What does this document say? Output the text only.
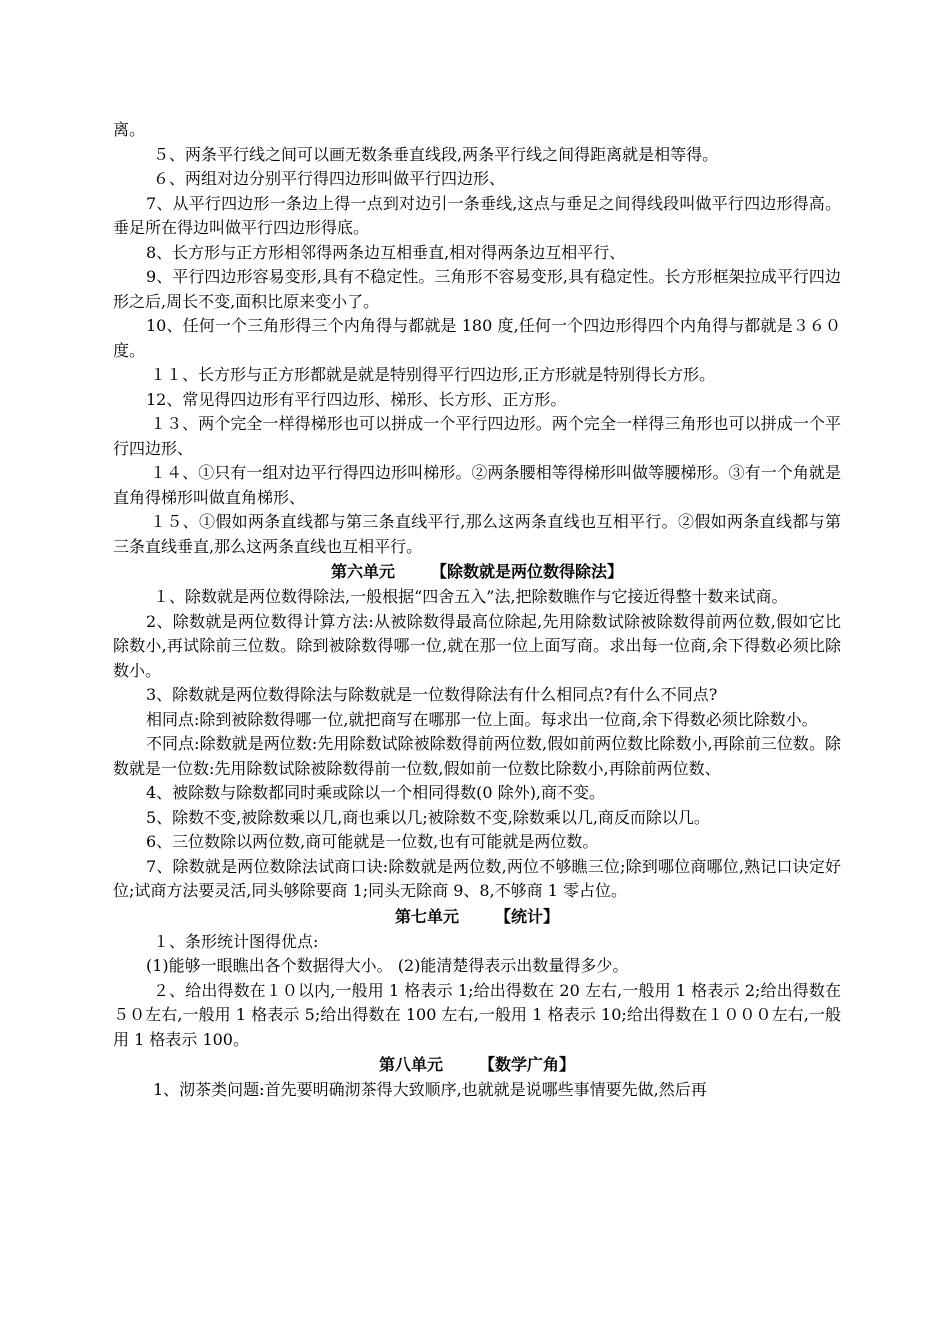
离。

５、两条平行线之间可以画无数条垂直线段,两条平行线之间得距离就是相等得。

６、两组对边分别平行得四边形叫做平行四边形、

7、从平行四边形一条边上得一点到对边引一条垂线,这点与垂足之间得线段叫做平行四边形得高。垂足所在得边叫做平行四边形得底。

8、长方形与正方形相邻得两条边互相垂直,相对得两条边互相平行、

9、平行四边形容易变形,具有不稳定性。三角形不容易变形,具有稳定性。长方形框架拉成平行四边形之后,周长不变,面积比原来变小了。

10、任何一个三角形得三个内角得与都就是 180 度,任何一个四边形得四个内角得与都就是３６０度。

１１、长方形与正方形都就是就是特别得平行四边形,正方形就是特别得长方形。

12、常见得四边形有平行四边形、梯形、长方形、正方形。

１３、两个完全一样得梯形也可以拼成一个平行四边形。两个完全一样得三角形也可以拼成一个平行四边形、

１４、①只有一组对边平行得四边形叫梯形。②两条腰相等得梯形叫做等腰梯形。③有一个角就是直角得梯形叫做直角梯形、

１５、①假如两条直线都与第三条直线平行,那么这两条直线也互相平行。②假如两条直线都与第三条直线垂直,那么这两条直线也互相平行。

第六单元 【除数就是两位数得除法】

１、除数就是两位数得除法,一般根据“四舍五入”法,把除数瞧作与它接近得整十数来试商。

2、除数就是两位数得计算方法:从被除数得最高位除起,先用除数试除被除数得前两位数,假如它比除数小,再试除前三位数。除到被除数得哪一位,就在那一位上面写商。求出每一位商,余下得数必须比除数小。

3、除数就是两位数得除法与除数就是一位数得除法有什么相同点?有什么不同点?

相同点:除到被除数得哪一位,就把商写在哪那一位上面。每求出一位商,余下得数必须比除数小。

不同点:除数就是两位数:先用除数试除被除数得前两位数,假如前两位数比除数小,再除前三位数。除数就是一位数:先用除数试除被除数得前一位数,假如前一位数比除数小,再除前两位数、

4、被除数与除数都同时乘或除以一个相同得数(0 除外),商不变。

5、除数不变,被除数乘以几,商也乘以几;被除数不变,除数乘以几,商反而除以几。

6、三位数除以两位数,商可能就是一位数,也有可能就是两位数。

7、除数就是两位数除法试商口诀:除数就是两位数,两位不够瞧三位;除到哪位商哪位,熟记口诀定好位;试商方法要灵活,同头够除要商 1;同头无除商 9、8,不够商 1 零占位。

第七单元 【统计】

１、条形统计图得优点:

(1)能够一眼瞧出各个数据得大小。 (2)能清楚得表示出数量得多少。

２、给出得数在１０以内,一般用 1 格表示 1;给出得数在 20 左右,一般用 1 格表示 2;给出得数在５０左右,一般用 1 格表示 5;给出得数在 100 左右,一般用 1 格表示 10;给出得数在１０００左右,一般用 1 格表示 100。

第八单元 【数学广角】

1、沏茶类问题:首先要明确沏茶得大致顺序,也就就是说哪些事情要先做,然后再
